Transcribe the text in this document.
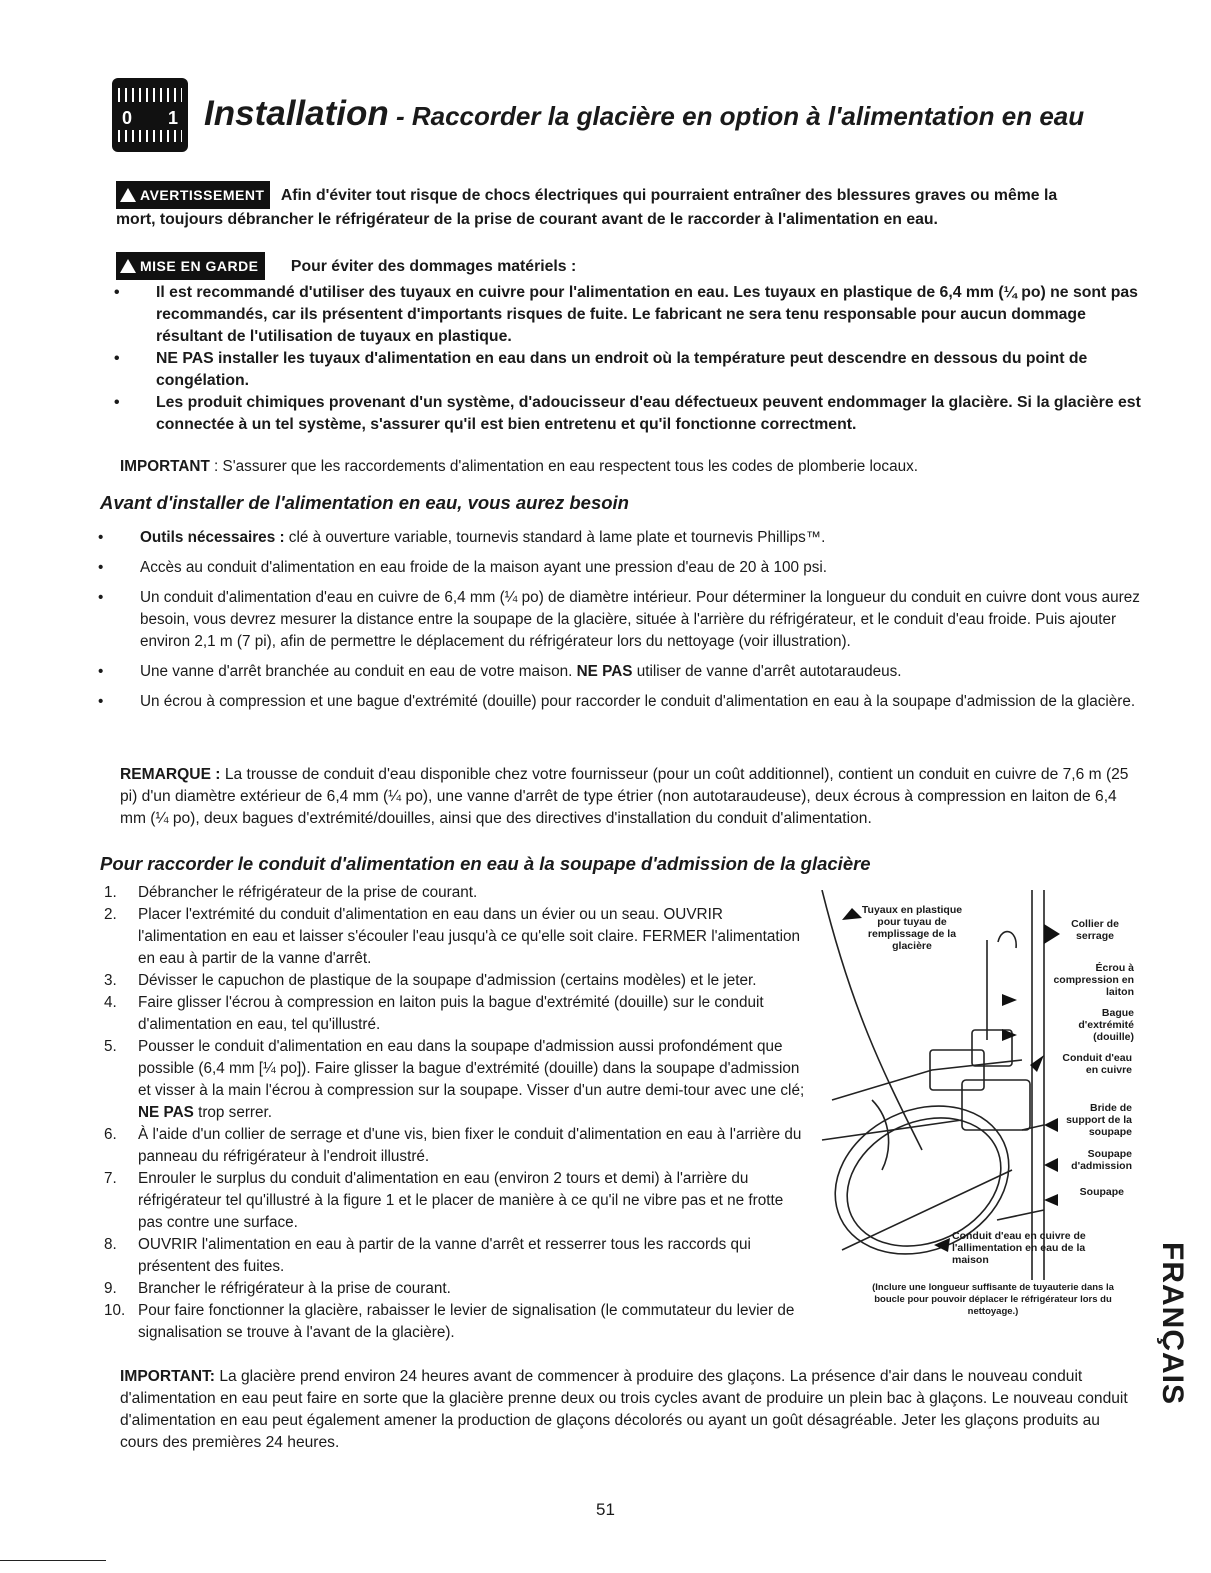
0 1 Installation - Raccorder la glacière en option à l'alimentation en eau
AVERTISSEMENT Afin d'éviter tout risque de chocs électriques qui pourraient entraîner des blessures graves ou même la
mort, toujours débrancher le réfrigérateur de la prise de courant avant de le raccorder à l'alimentation en eau.
MISE EN GARDE Pour éviter des dommages matériels :
• Il est recommandé d'utiliser des tuyaux en cuivre pour l'alimentation en eau. Les tuyaux en plastique de 6,4 mm (¼ po) ne sont pas recommandés, car ils présentent d'importants risques de fuite. Le fabricant ne sera tenu responsable pour aucun dommage résultant de l'utilisation de tuyaux en plastique.
• NE PAS installer les tuyaux d'alimentation en eau dans un endroit où la température peut descendre en dessous du point de congélation.
• Les produit chimiques provenant d'un système, d'adoucisseur d'eau défectueux peuvent endommager la glacière. Si la glacière est connectée à un tel système, s'assurer qu'il est bien entretenu et qu'il fonctionne correctment.
IMPORTANT : S'assurer que les raccordements d'alimentation en eau respectent tous les codes de plomberie locaux.
Avant d'installer de l'alimentation en eau, vous aurez besoin
• Outils nécessaires : clé à ouverture variable, tournevis standard à lame plate et tournevis Phillips™.
• Accès au conduit d'alimentation en eau froide de la maison ayant une pression d'eau de 20 à 100 psi.
• Un conduit d'alimentation d'eau en cuivre de 6,4 mm (¼ po) de diamètre intérieur. Pour déterminer la longueur du conduit en cuivre dont vous aurez besoin, vous devrez mesurer la distance entre la soupape de la glacière, située à l'arrière du réfrigérateur, et le conduit d'eau froide. Puis ajouter environ 2,1 m (7 pi), afin de permettre le déplacement du réfrigérateur lors du nettoyage (voir illustration).
• Une vanne d'arrêt branchée au conduit en eau de votre maison. NE PAS utiliser de vanne d'arrêt autotaraudeus.
• Un écrou à compression et une bague d'extrémité (douille) pour raccorder le conduit d'alimentation en eau à la soupape d'admission de la glacière.
REMARQUE : La trousse de conduit d'eau disponible chez votre fournisseur (pour un coût additionnel), contient un conduit en cuivre de 7,6 m (25 pi) d'un diamètre extérieur de 6,4 mm (¼ po), une vanne d'arrêt de type étrier (non autotaraudeuse), deux écrous à compression en laiton de 6,4 mm (¼ po), deux bagues d'extrémité/douilles, ainsi que des directives d'installation du conduit d'alimentation.
Pour raccorder le conduit d'alimentation en eau à la soupape d'admission de la glacière
1.	Débrancher le réfrigérateur de la prise de courant.
2.	Placer l'extrémité du conduit d'alimentation en eau dans un évier ou un seau. OUVRIR l'alimentation en eau et laisser s'écouler l'eau jusqu'à ce qu'elle soit claire. FERMER l'alimentation en eau à partir de la vanne d'arrêt.
3.	Dévisser le capuchon de plastique de la soupape d'admission (certains modèles) et le jeter.
4.	Faire glisser l'écrou à compression en laiton puis la bague d'extrémité (douille) sur le conduit d'alimentation en eau, tel qu'illustré.
5.	Pousser le conduit d'alimentation en eau dans la soupape d'admission aussi profondément que possible (6,4 mm [¼ po]). Faire glisser la bague d'extrémité (douille) dans la soupape d'admission et visser à la main l'écrou à compression sur la soupape. Visser d'un autre demi-tour avec une clé; NE PAS trop serrer.
6.	À l'aide d'un collier de serrage et d'une vis, bien fixer le conduit d'alimentation en eau à l'arrière du panneau du réfrigérateur à l'endroit illustré.
7.	Enrouler le surplus du conduit d'alimentation en eau (environ 2 tours et demi) à l'arrière du réfrigérateur tel qu'illustré à la figure 1 et le placer de manière à ce qu'il ne vibre pas et ne frotte pas contre une surface.
8.	OUVRIR l'alimentation en eau à partir de la vanne d'arrêt et resserrer tous les raccords qui présentent des fuites.
9.	Brancher le réfrigérateur à la prise de courant.
10. Pour faire fonctionner la glacière, rabaisser le levier de signalisation (le commutateur du levier de signalisation se trouve à l'avant de la glacière).
Tuyaux en plastique pour tuyau de remplissage de la glacière
Collier de serrage
Écrou à compression en laiton
Bague d'extrémité (douille)
Conduit d'eau en cuivre
Bride de support de la soupape
Soupape d'admission
Soupape
Conduit d'eau en cuivre de l'allimentation en eau de la maison
(Inclure une longueur suffisante de tuyauterie dans la boucle pour pouvoir déplacer le réfrigérateur lors du nettoyage.)	FRANÇAIS
IMPORTANT: La glacière prend environ 24 heures avant de commencer à produire des glaçons. La présence d'air dans le nouveau conduit d'alimentation en eau peut faire en sorte que la glacière prenne deux ou trois cycles avant de produire un plein bac à glaçons. Le nouveau conduit d'alimentation en eau peut également amener la production de glaçons décolorés ou ayant un goût désagréable. Jeter les glaçons produits au cours des premières 24 heures.
51
